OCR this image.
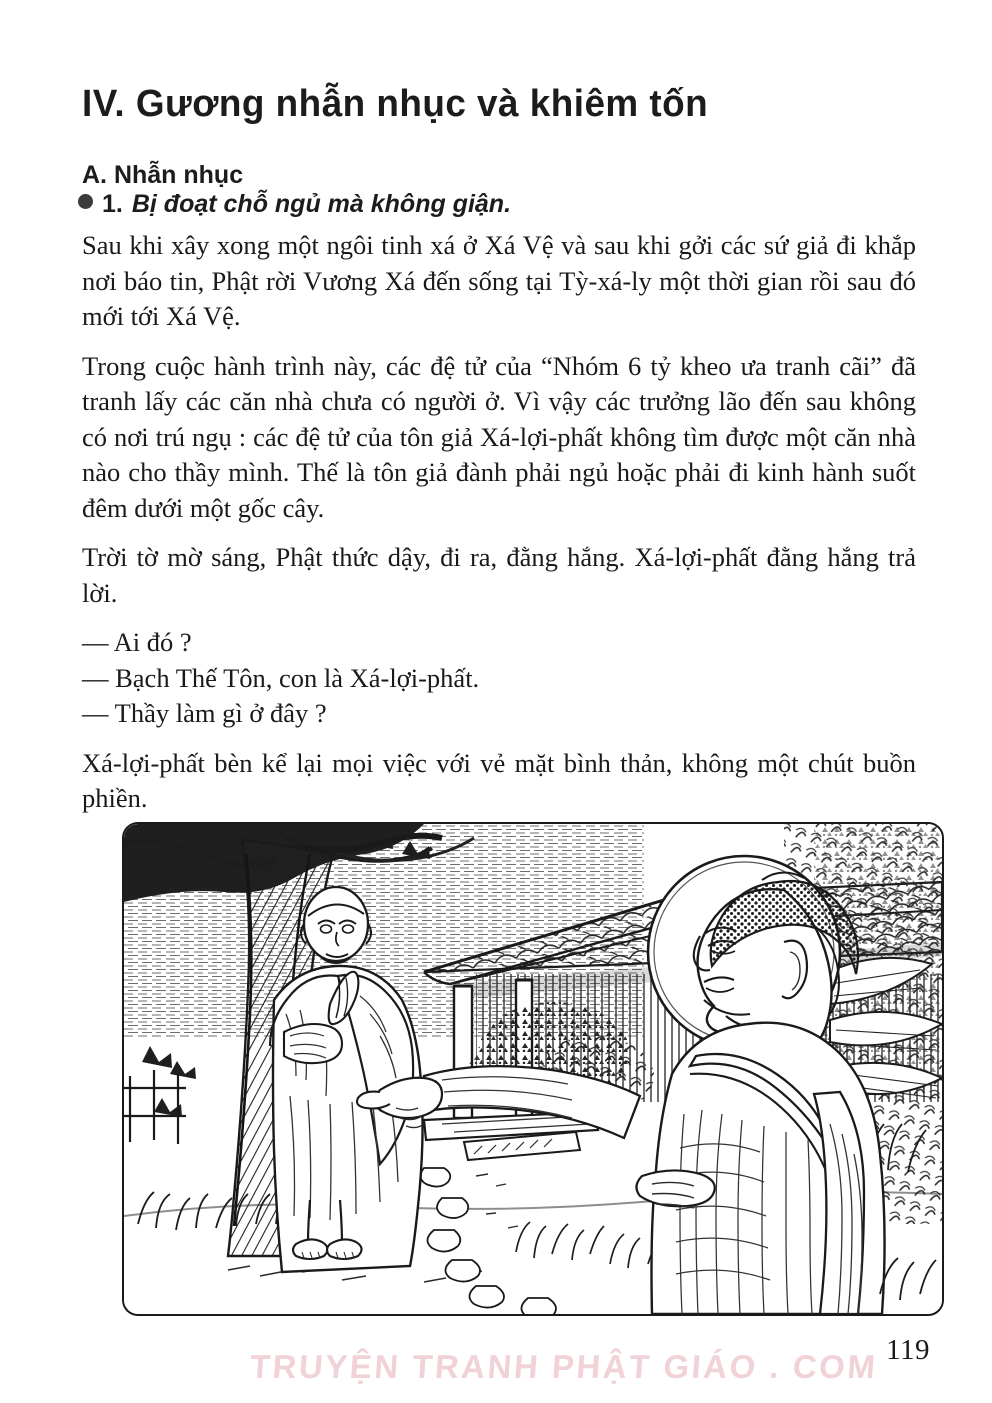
IV. Gương nhẫn nhục và khiêm tốn
A. Nhẫn nhục
1. Bị đoạt chỗ ngủ mà không giận.

Sau khi xây xong một ngôi tinh xá ở Xá Vệ và sau khi gởi các sứ giả đi khắp nơi báo tin, Phật rời Vương Xá đến sống tại Tỳ-xá-ly một thời gian rồi sau đó mới tới Xá Vệ.

Trong cuộc hành trình này, các đệ tử của “Nhóm 6 tỷ kheo ưa tranh cãi” đã tranh lấy các căn nhà chưa có người ở. Vì vậy các trưởng lão đến sau không có nơi trú ngụ : các đệ tử của tôn giả Xá-lợi-phất không tìm được một căn nhà nào cho thầy mình. Thế là tôn giả đành phải ngủ hoặc phải đi kinh hành suốt đêm dưới một gốc cây.

Trời tờ mờ sáng, Phật thức dậy, đi ra, đằng hắng. Xá-lợi-phất đằng hắng trả lời.

— Ai đó ?

— Bạch Thế Tôn, con là Xá-lợi-phất.

— Thầy làm gì ở đây ?

Xá-lợi-phất bèn kể lại mọi việc với vẻ mặt bình thản, không một chút buồn phiền.

TRUYỆN TRANH PHẬT GIÁO . COM 119
